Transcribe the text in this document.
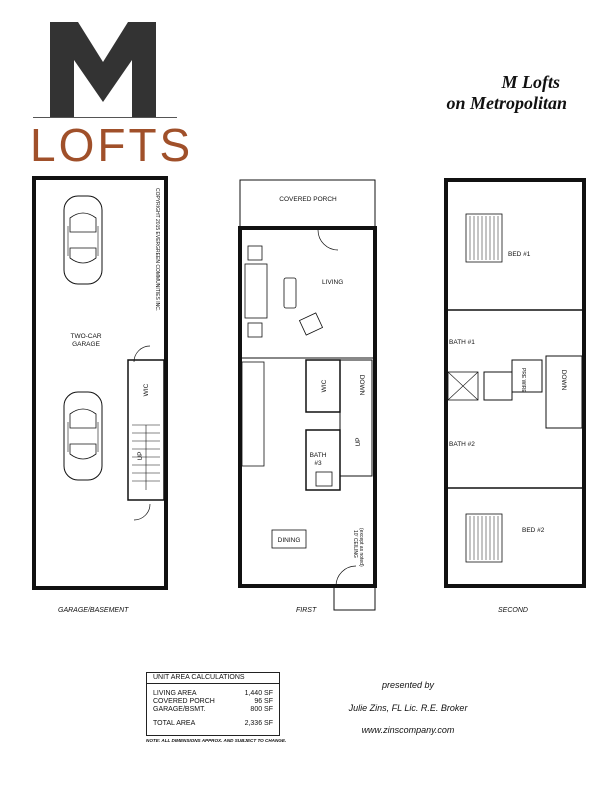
LOFTS
M Lofts
on Metropolitan
TWO-CAR
GARAGE
COPYRIGHT 2015 EVERGREEN COMMUNITIES INC.
WIC
UP
GARAGE/BASEMENT
COVERED PORCH
LIVING
WIC	DOWN
UP
BATH
#3
DINING	10' CEILING (except as noted)
FIRST
BED #1
BATH #1
PRE WIRE	DOWN
BATH #2
BED #2
SECOND
UNIT AREA CALCULATIONS
LIVING AREA	1,440 SF
COVERED PORCH	96 SF
GARAGE/BSMT.	800 SF
TOTAL AREA	2,336 SF
NOTE: ALL DIMENSIONS APPROX. AND SUBJECT TO CHANGE.
presented by
Julie Zins, FL Lic. R.E. Broker
www.zinscompany.com
